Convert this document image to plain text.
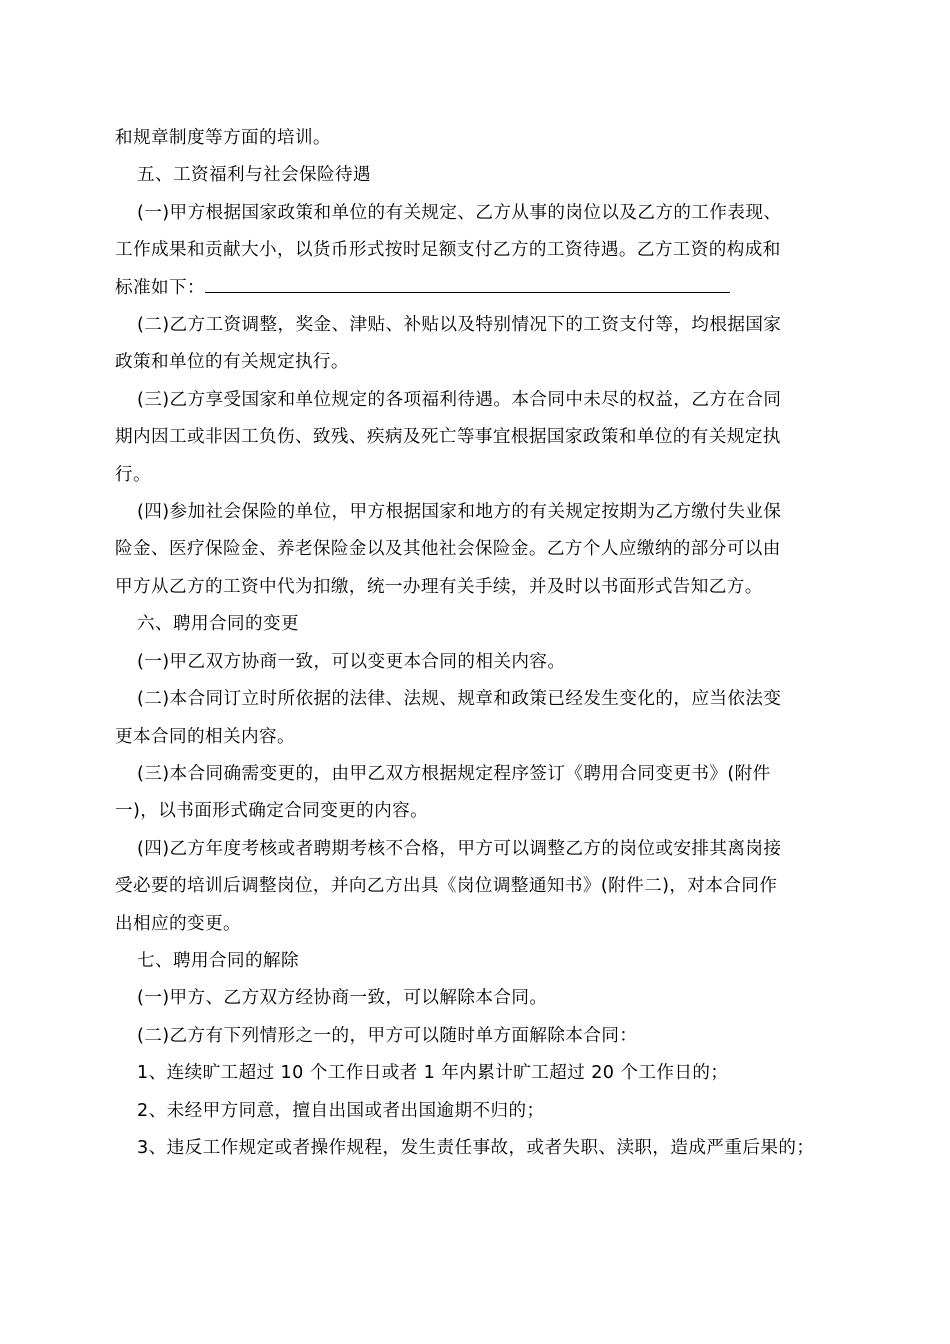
和规章制度等方面的培训。
五、工资福利与社会保险待遇
(一)甲方根据国家政策和单位的有关规定、乙方从事的岗位以及乙方的工作表现、
工作成果和贡献大小，以货币形式按时足额支付乙方的工资待遇。乙方工资的构成和
标准如下：
(二)乙方工资调整，奖金、津贴、补贴以及特别情况下的工资支付等，均根据国家
政策和单位的有关规定执行。
(三)乙方享受国家和单位规定的各项福利待遇。本合同中未尽的权益，乙方在合同
期内因工或非因工负伤、致残、疾病及死亡等事宜根据国家政策和单位的有关规定执
行。
(四)参加社会保险的单位，甲方根据国家和地方的有关规定按期为乙方缴付失业保
险金、医疗保险金、养老保险金以及其他社会保险金。乙方个人应缴纳的部分可以由
甲方从乙方的工资中代为扣缴，统一办理有关手续，并及时以书面形式告知乙方。
六、聘用合同的变更
(一)甲乙双方协商一致，可以变更本合同的相关内容。
(二)本合同订立时所依据的法律、法规、规章和政策已经发生变化的，应当依法变
更本合同的相关内容。
(三)本合同确需变更的，由甲乙双方根据规定程序签订《聘用合同变更书》(附件
一)，以书面形式确定合同变更的内容。
(四)乙方年度考核或者聘期考核不合格，甲方可以调整乙方的岗位或安排其离岗接
受必要的培训后调整岗位，并向乙方出具《岗位调整通知书》(附件二)，对本合同作
出相应的变更。
七、聘用合同的解除
(一)甲方、乙方双方经协商一致，可以解除本合同。
(二)乙方有下列情形之一的，甲方可以随时单方面解除本合同：
1、连续旷工超过 10 个工作日或者 1 年内累计旷工超过 20 个工作日的；
2、未经甲方同意，擅自出国或者出国逾期不归的；
3、违反工作规定或者操作规程，发生责任事故，或者失职、渎职，造成严重后果的；
